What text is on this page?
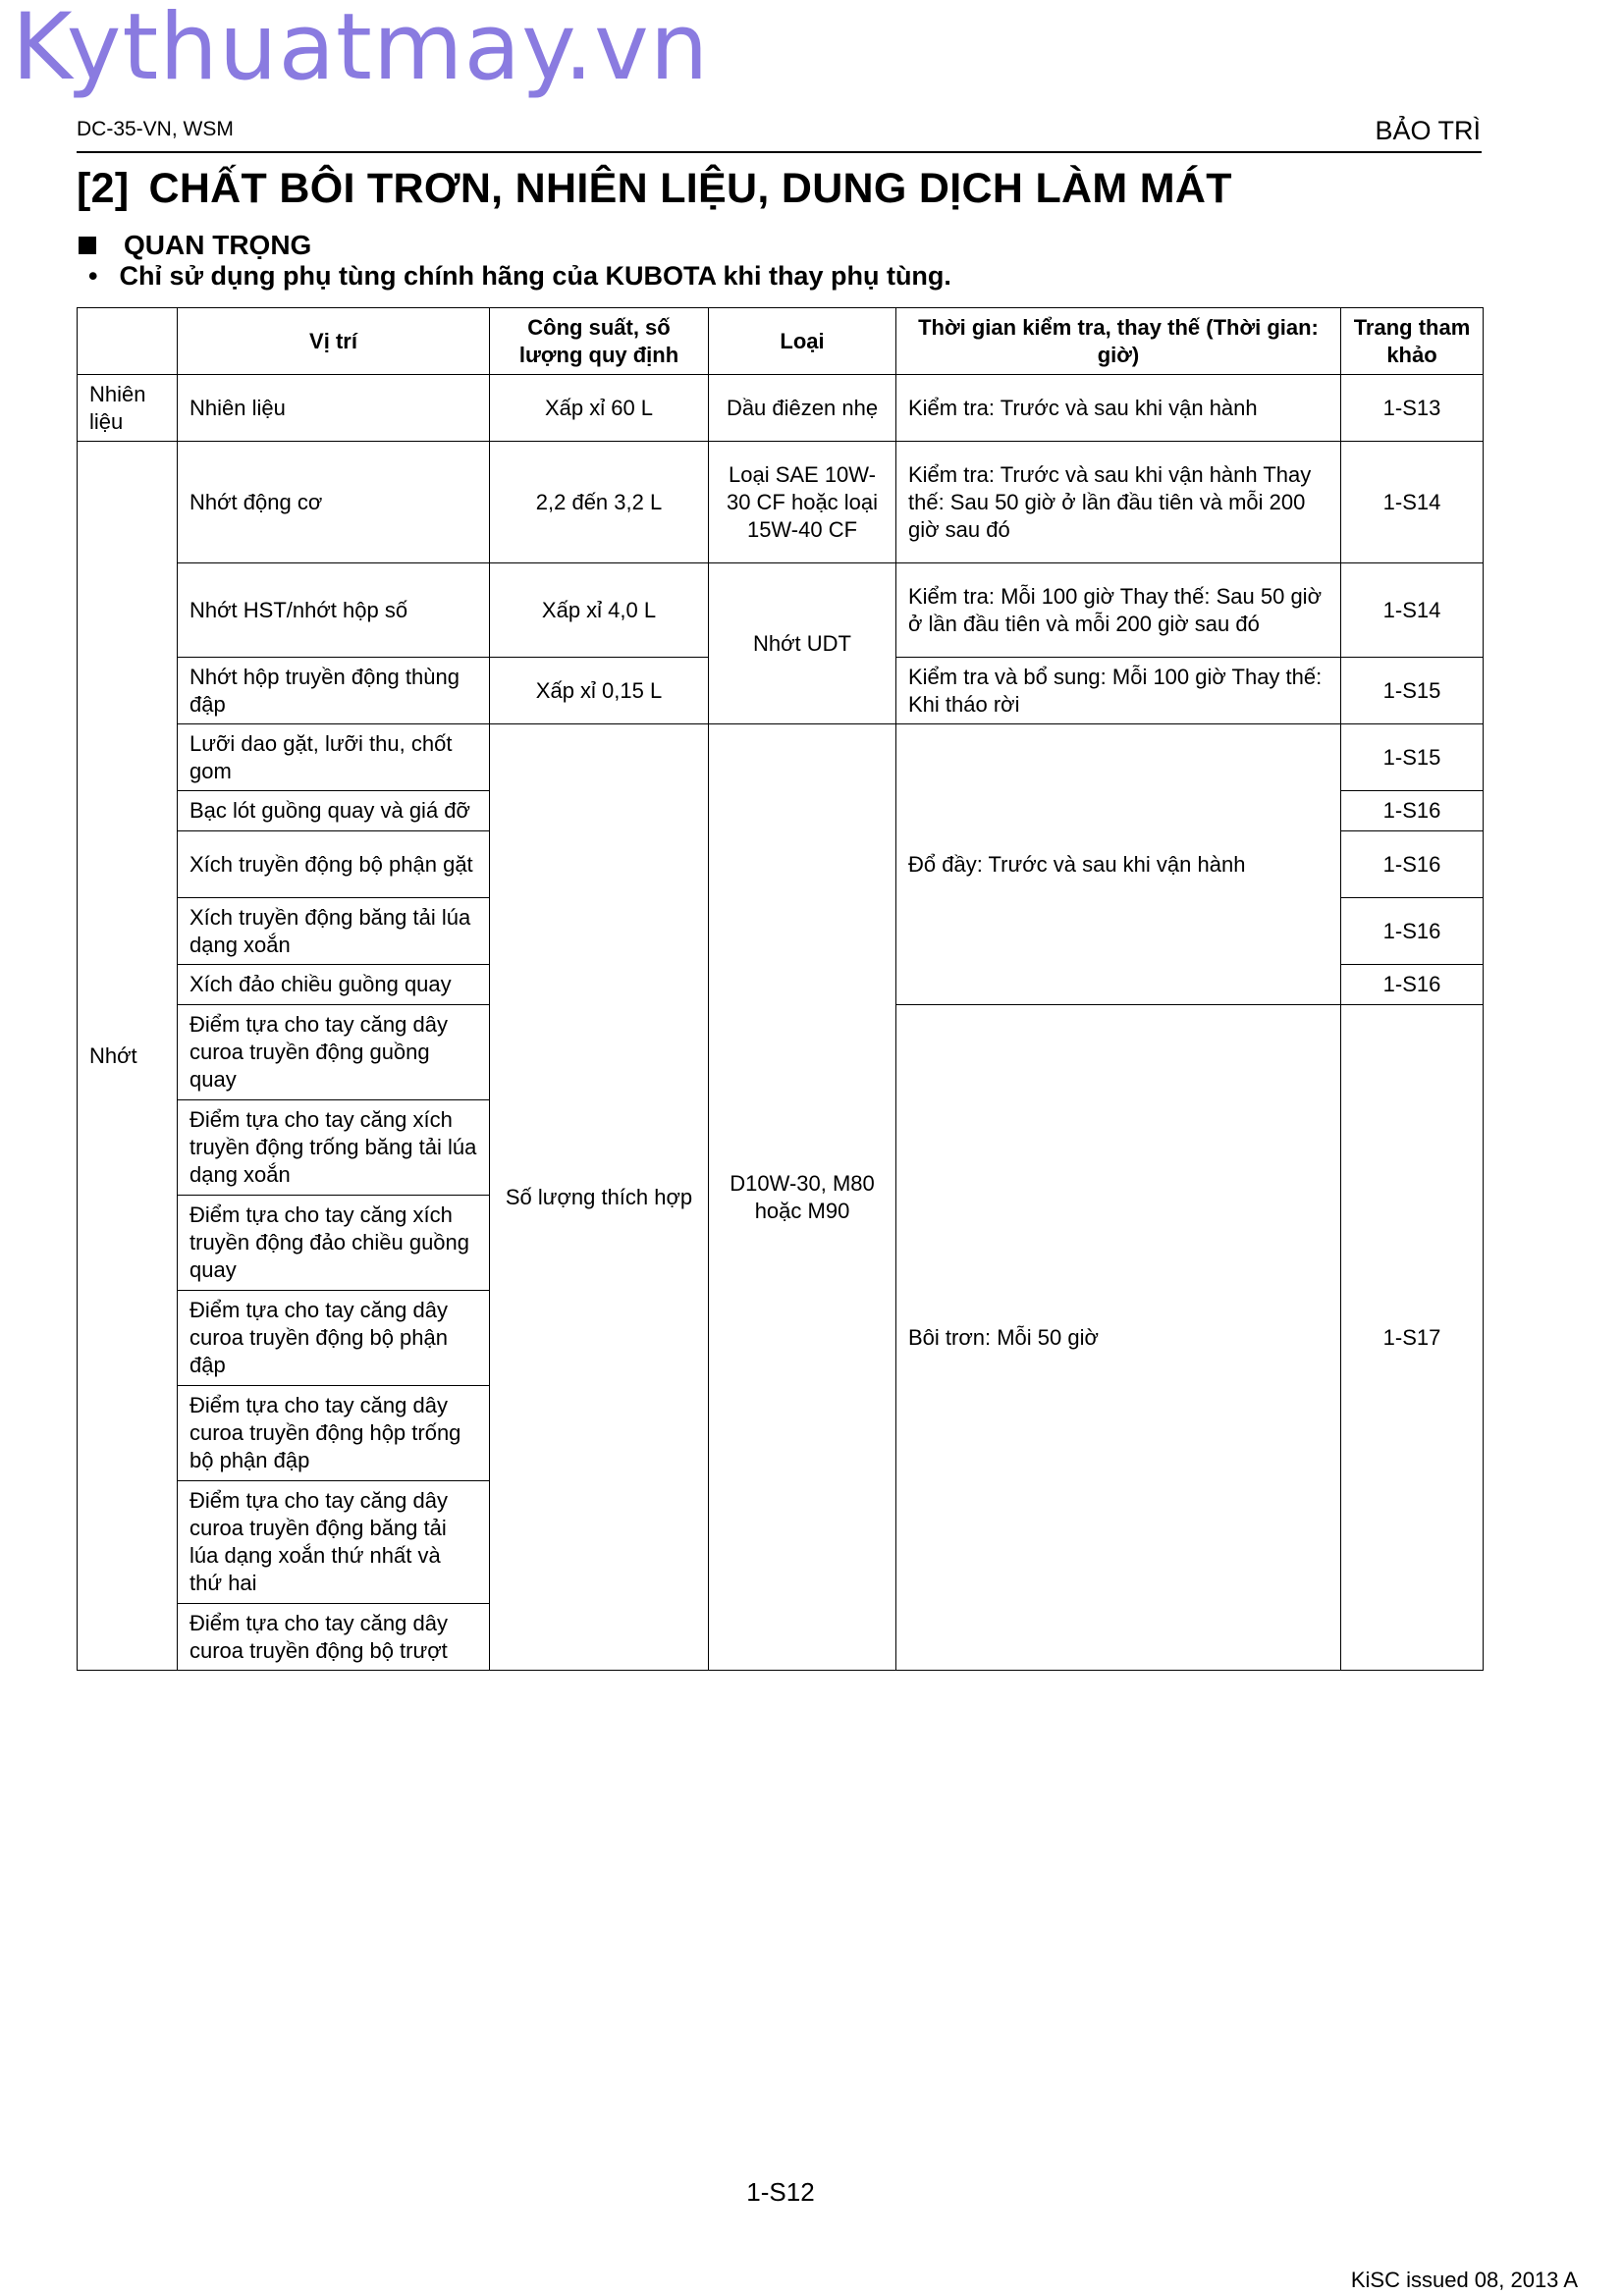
Kythuatmay.vn
DC-35-VN, WSM	BẢO TRÌ
[2] CHẤT BÔI TRƠN, NHIÊN LIỆU, DUNG DỊCH LÀM MÁT
QUAN TRỌNG
• Chỉ sử dụng phụ tùng chính hãng của KUBOTA khi thay phụ tùng.
	Vị trí	Công suất, số lượng quy định	Loại	Thời gian kiểm tra, thay thế (Thời gian: giờ)	Trang tham khảo
Nhiên liệu	Nhiên liệu	Xấp xỉ 60 L	Dầu điêzen nhẹ	Kiểm tra: Trước và sau khi vận hành	1-S13
Nhớt	Nhớt động cơ	2,2 đến 3,2 L	Loại SAE 10W-30 CF hoặc loại 15W-40 CF	Kiểm tra: Trước và sau khi vận hành Thay thế: Sau 50 giờ ở lần đầu tiên và mỗi 200 giờ sau đó	1-S14
	Nhớt HST/nhớt hộp số	Xấp xỉ 4,0 L	Nhớt UDT	Kiểm tra: Mỗi 100 giờ Thay thế: Sau 50 giờ ở lần đầu tiên và mỗi 200 giờ sau đó	1-S14
	Nhớt hộp truyền động thùng đập	Xấp xỉ 0,15 L		Kiểm tra và bổ sung: Mỗi 100 giờ Thay thế: Khi tháo rời	1-S15
	Lưỡi dao gặt, lưỡi thu, chốt gom	Số lượng thích hợp	D10W-30, M80 hoặc M90	Đổ đầy: Trước và sau khi vận hành	1-S15
	Bạc lót guồng quay và giá đỡ				1-S16
	Xích truyền động bộ phận gặt				1-S16
	Xích truyền động băng tải lúa dạng xoắn				1-S16
	Xích đảo chiều guồng quay				1-S16
	Điểm tựa cho tay căng dây curoa truyền động guồng quay			Bôi trơn: Mỗi 50 giờ	1-S17
	Điểm tựa cho tay căng xích truyền động trống băng tải lúa dạng xoắn				
	Điểm tựa cho tay căng xích truyền động đảo chiều guồng quay				
	Điểm tựa cho tay căng dây curoa truyền động bộ phận đập				
	Điểm tựa cho tay căng dây curoa truyền động hộp trống bộ phận đập				
	Điểm tựa cho tay căng dây curoa truyền động băng tải lúa dạng xoắn thứ nhất và thứ hai				
	Điểm tựa cho tay căng dây curoa truyền động bộ trượt				
1-S12
KiSC issued 08, 2013 A
